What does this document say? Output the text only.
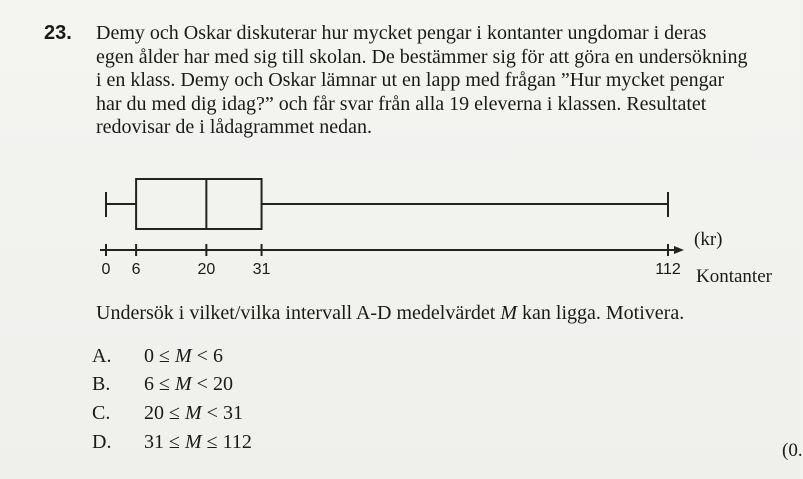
23. Demy och Oskar diskuterar hur mycket pengar i kontanter ungdomar i deras
egen ålder har med sig till skolan. De bestämmer sig för att göra en undersökning
i en klass. Demy och Oskar lämnar ut en lapp med frågan ”Hur mycket pengar
har du med dig idag?” och får svar från alla 19 eleverna i klassen. Resultatet
redovisar de i lådagrammet nedan.
0 6	20 31	112
(kr)
Kontanter
Undersök i vilket/vilka intervall A-D medelvärdet M kan ligga. Motivera.
A. 0 ≤ M < 6
B. 6 ≤ M < 20
C. 20 ≤ M < 31
D. 31 ≤ M ≤ 112	(0.
